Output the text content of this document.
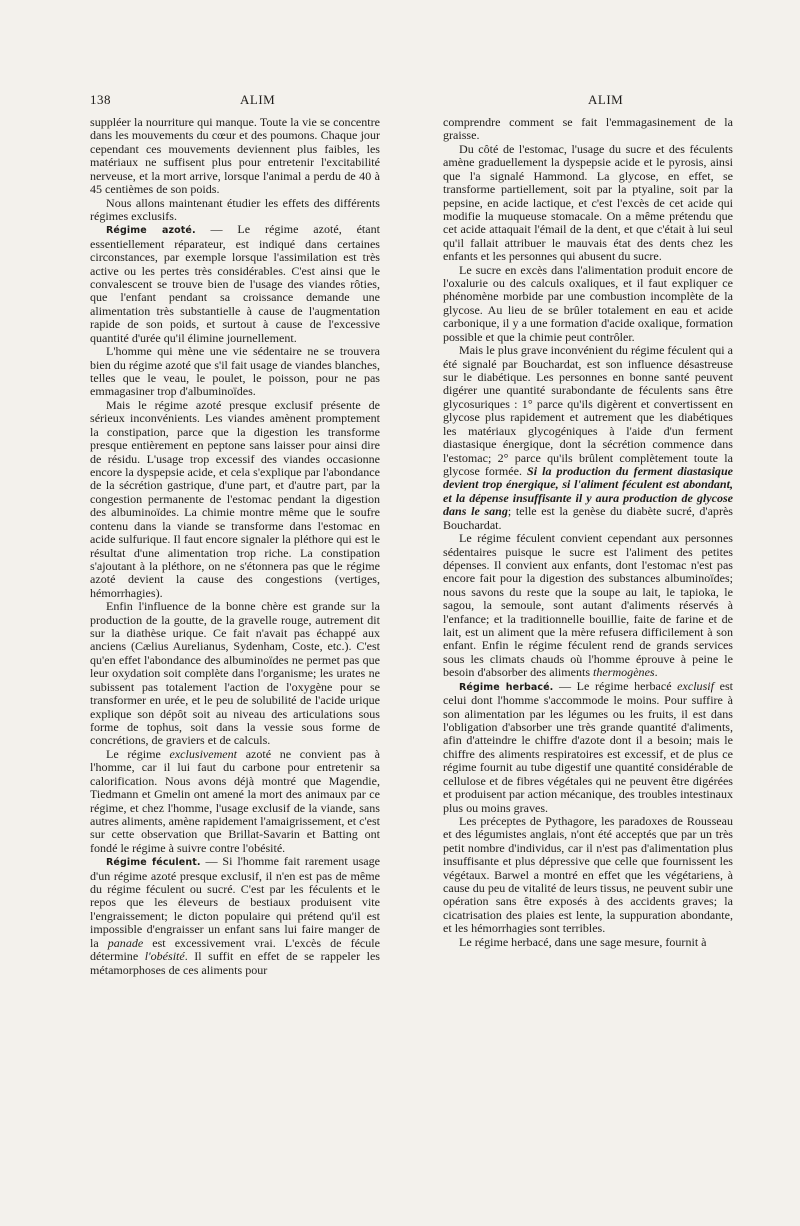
138	ALIM	ALIM

suppléer la nourriture qui manque. Toute la vie se concentre dans les mouvements du cœur et des poumons. Chaque jour cependant ces mouvements deviennent plus faibles, les matériaux ne suffisent plus pour entretenir l'excitabilité nerveuse, et la mort arrive, lorsque l'animal a perdu de 40 à 45 centièmes de son poids.

Nous allons maintenant étudier les effets des différents régimes exclusifs.

Régime azoté. — Le régime azoté, étant essentiellement réparateur, est indiqué dans certaines circonstances, par exemple lorsque l'assimilation est très active ou les pertes très considérables. C'est ainsi que le convalescent se trouve bien de l'usage des viandes rôties, que l'enfant pendant sa croissance demande une alimentation très substantielle à cause de l'augmentation rapide de son poids, et surtout à cause de l'excessive quantité d'urée qu'il élimine journellement.

L'homme qui mène une vie sédentaire ne se trouvera bien du régime azoté que s'il fait usage de viandes blanches, telles que le veau, le poulet, le poisson, pour ne pas emmagasiner trop d'albuminoïdes.

Mais le régime azoté presque exclusif présente de sérieux inconvénients. Les viandes amènent promptement la constipation, parce que la digestion les transforme presque entièrement en peptone sans laisser pour ainsi dire de résidu. L'usage trop excessif des viandes occasionne encore la dyspepsie acide, et cela s'explique par l'abondance de la sécrétion gastrique, d'une part, et d'autre part, par la congestion permanente de l'estomac pendant la digestion des albuminoïdes. La chimie montre même que le soufre contenu dans la viande se transforme dans l'estomac en acide sulfurique. Il faut encore signaler la pléthore qui est le résultat d'une alimentation trop riche. La constipation s'ajoutant à la pléthore, on ne s'étonnera pas que le régime azoté devient la cause des congestions (vertiges, hémorrhagies).

Enfin l'influence de la bonne chère est grande sur la production de la goutte, de la gravelle rouge, autrement dit sur la diathèse urique. Ce fait n'avait pas échappé aux anciens (Cælius Aurelianus, Sydenham, Coste, etc.). C'est qu'en effet l'abondance des albuminoïdes ne permet pas que leur oxydation soit complète dans l'organisme; les urates ne subissent pas totalement l'action de l'oxygène pour se transformer en urée, et le peu de solubilité de l'acide urique explique son dépôt soit au niveau des articulations sous forme de tophus, soit dans la vessie sous forme de concrétions, de graviers et de calculs.

Le régime exclusivement azoté ne convient pas à l'homme, car il lui faut du carbone pour entretenir sa calorification. Nous avons déjà montré que Magendie, Tiedmann et Gmelin ont amené la mort des animaux par ce régime, et chez l'homme, l'usage exclusif de la viande, sans autres aliments, amène rapidement l'amaigrissement, et c'est sur cette observation que Brillat-Savarin et Batting ont fondé le régime à suivre contre l'obésité.

Régime féculent. — Si l'homme fait rarement usage d'un régime azoté presque exclusif, il n'en est pas de même du régime féculent ou sucré. C'est par les féculents et le repos que les éleveurs de bestiaux produisent vite l'engraissement; le dicton populaire qui prétend qu'il est impossible d'engraisser un enfant sans lui faire manger de la panade est excessivement vrai. L'excès de fécule détermine l'obésité. Il suffit en effet de se rappeler les métamorphoses de ces aliments pour

comprendre comment se fait l'emmagasinement de la graisse.

Du côté de l'estomac, l'usage du sucre et des féculents amène graduellement la dyspepsie acide et le pyrosis, ainsi que l'a signalé Hammond. La glycose, en effet, se transforme partiellement, soit par la ptyaline, soit par la pepsine, en acide lactique, et c'est l'excès de cet acide qui modifie la muqueuse stomacale. On a même prétendu que cet acide attaquait l'émail de la dent, et que c'était à lui seul qu'il fallait attribuer le mauvais état des dents chez les enfants et les personnes qui abusent du sucre.

Le sucre en excès dans l'alimentation produit encore de l'oxalurie ou des calculs oxaliques, et il faut expliquer ce phénomène morbide par une combustion incomplète de la glycose. Au lieu de se brûler totalement en eau et acide carbonique, il y a une formation d'acide oxalique, formation possible et que la chimie peut contrôler.

Mais le plus grave inconvénient du régime féculent qui a été signalé par Bouchardat, est son influence désastreuse sur le diabétique. Les personnes en bonne santé peuvent digérer une quantité surabondante de féculents sans être glycosuriques : 1° parce qu'ils digèrent et convertissent en glycose plus rapidement et autrement que les diabétiques les matériaux glycogéniques à l'aide d'un ferment diastasique énergique, dont la sécrétion commence dans l'estomac; 2° parce qu'ils brûlent complètement toute la glycose formée. Si la production du ferment diastasique devient trop énergique, si l'aliment féculent est abondant, et la dépense insuffisante il y aura production de glycose dans le sang; telle est la genèse du diabète sucré, d'après Bouchardat.

Le régime féculent convient cependant aux personnes sédentaires puisque le sucre est l'aliment des petites dépenses. Il convient aux enfants, dont l'estomac n'est pas encore fait pour la digestion des substances albuminoïdes; nous savons du reste que la soupe au lait, le tapioka, le sagou, la semoule, sont autant d'aliments réservés à l'enfance; et la traditionnelle bouillie, faite de farine et de lait, est un aliment que la mère refusera difficilement à son enfant. Enfin le régime féculent rend de grands services sous les climats chauds où l'homme éprouve à peine le besoin d'absorber des aliments thermogènes.

Régime herbacé. — Le régime herbacé exclusif est celui dont l'homme s'accommode le moins. Pour suffire à son alimentation par les légumes ou les fruits, il est dans l'obligation d'absorber une très grande quantité d'aliments, afin d'atteindre le chiffre d'azote dont il a besoin; mais le chiffre des aliments respiratoires est excessif, et de plus ce régime fournit au tube digestif une quantité considérable de cellulose et de fibres végétales qui ne peuvent être digérées et produisent par action mécanique, des troubles intestinaux plus ou moins graves.

Les préceptes de Pythagore, les paradoxes de Rousseau et des légumistes anglais, n'ont été acceptés que par un très petit nombre d'individus, car il n'est pas d'alimentation plus insuffisante et plus dépressive que celle que fournissent les végétaux. Barwel a montré en effet que les végétariens, à cause du peu de vitalité de leurs tissus, ne peuvent subir une opération sans être exposés à des accidents graves; la cicatrisation des plaies est lente, la suppuration abondante, et les hémorrhagies sont terribles.

Le régime herbacé, dans une sage mesure, fournit à
